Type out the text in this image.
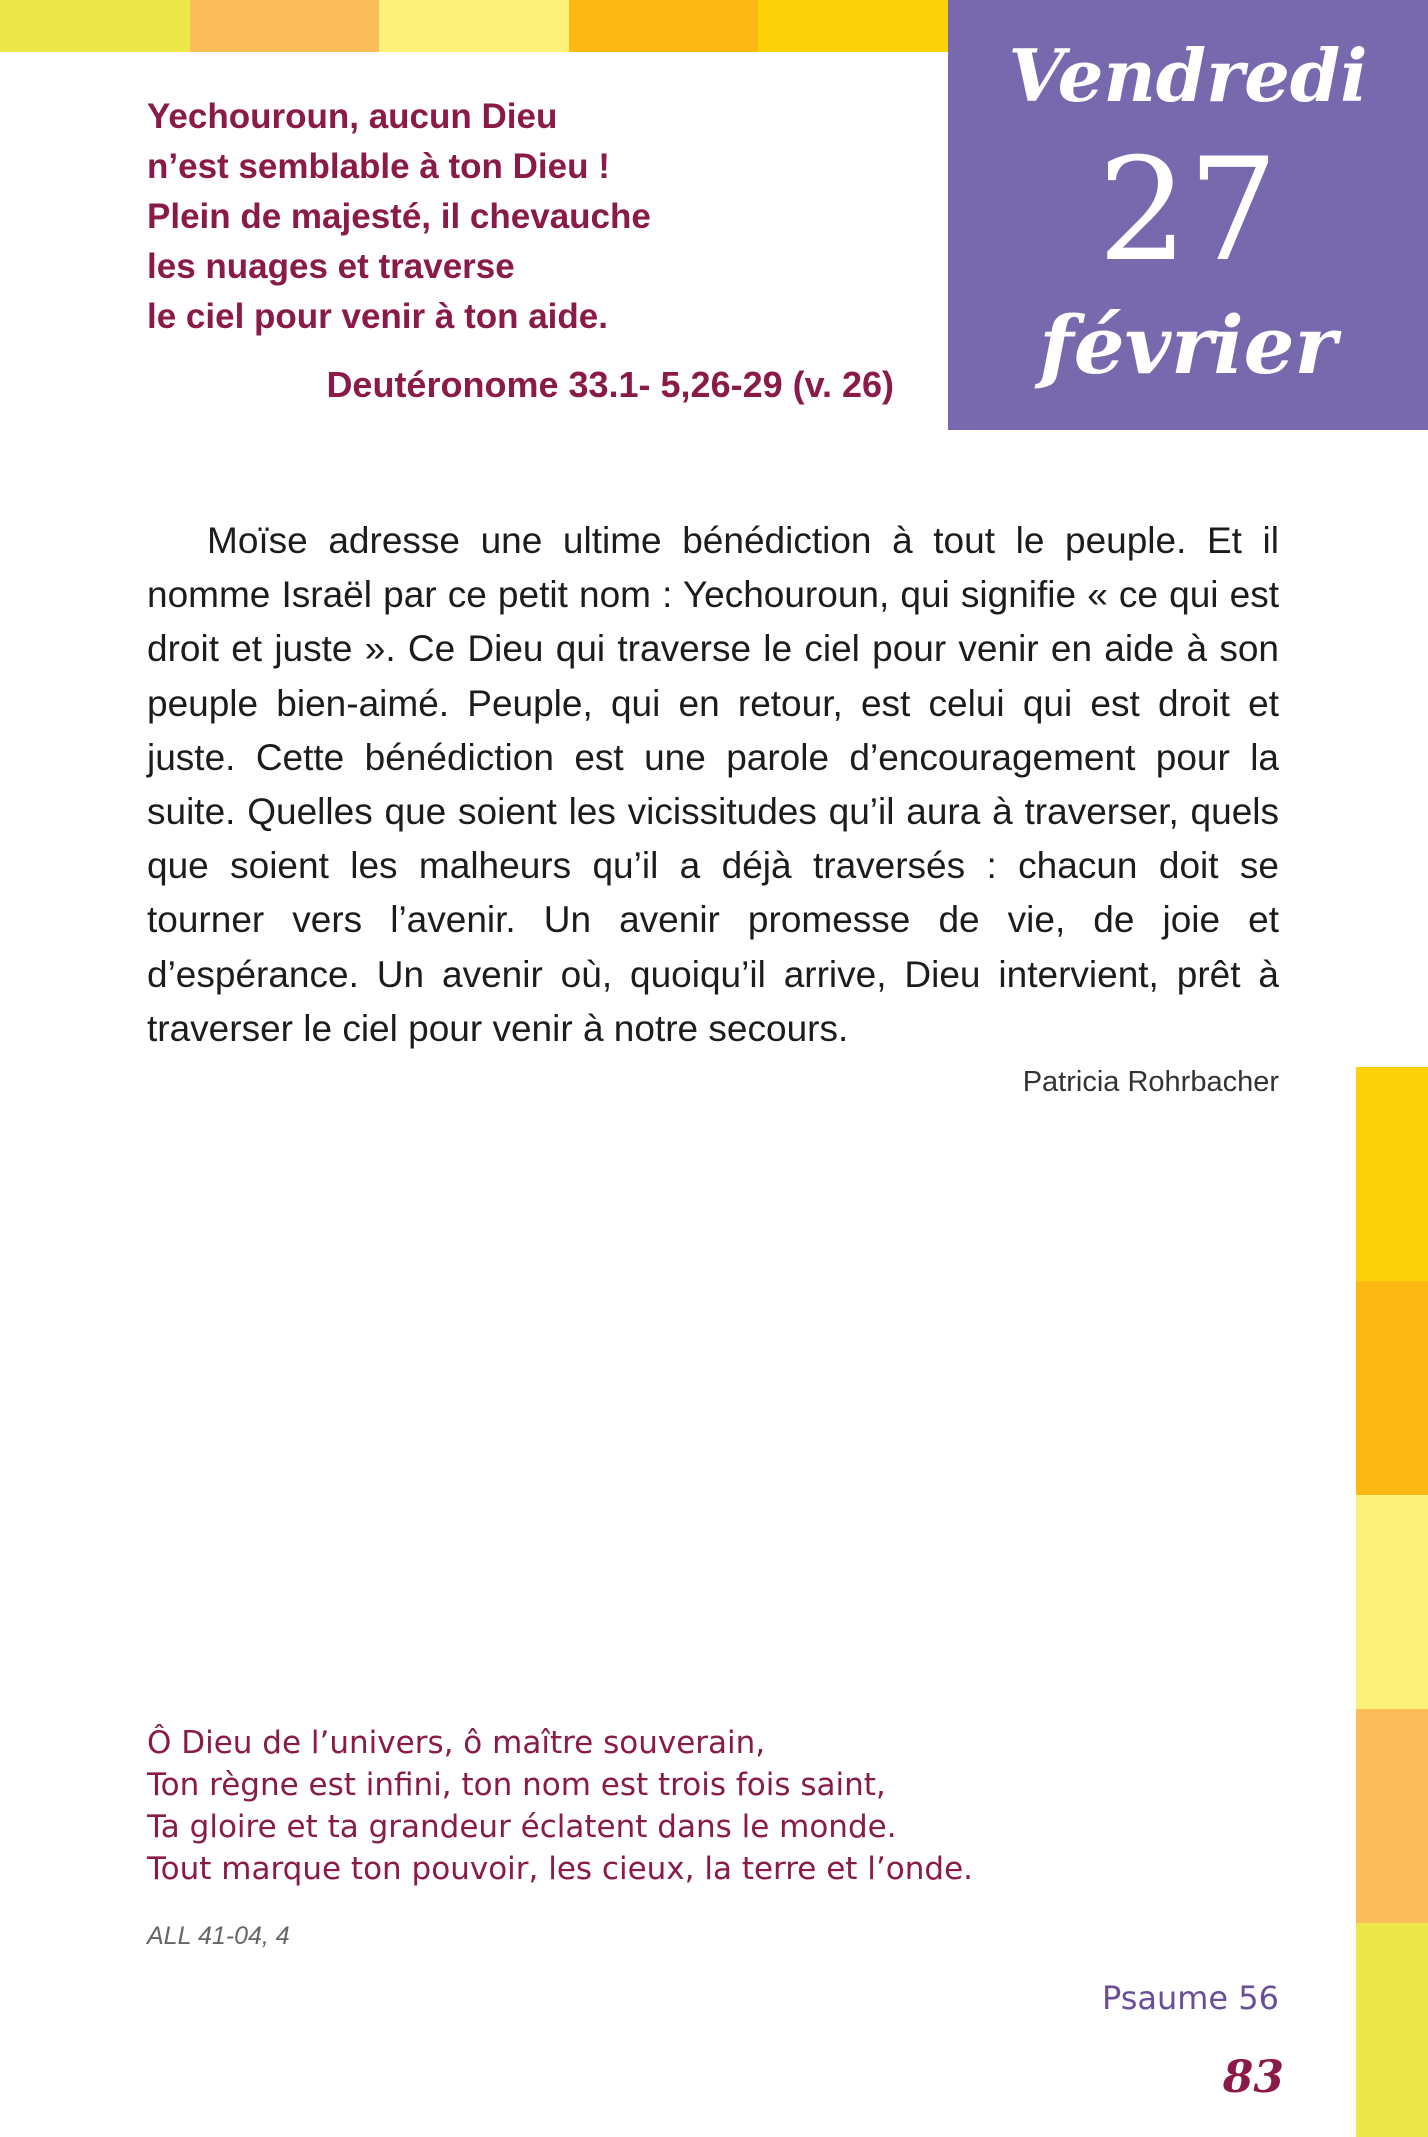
Vendredi
27
février
Yechouroun, aucun Dieu
n’est semblable à ton Dieu !
Plein de majesté, il chevauche
les nuages et traverse
le ciel pour venir à ton aide.
Deutéronome 33.1- 5,26-29 (v. 26)

Moïse adresse une ultime bénédiction à tout le peuple. Et il nomme Israël par ce petit nom : Yechouroun, qui signifie « ce qui est droit et juste ». Ce Dieu qui traverse le ciel pour venir en aide à son peuple bien-aimé. Peuple, qui en retour, est celui qui est droit et juste. Cette bénédiction est une parole d’encouragement pour la suite. Quelles que soient les vicissitudes qu’il aura à traverser, quels que soient les malheurs qu’il a déjà traversés : chacun doit se tourner vers l’avenir. Un avenir promesse de vie, de joie et d’espérance. Un avenir où, quoiqu’il arrive, Dieu intervient, prêt à traverser le ciel pour venir à notre secours.

Patricia Rohrbacher
Ô Dieu de l’univers, ô maître souverain,
Ton règne est infini, ton nom est trois fois saint,
Ta gloire et ta grandeur éclatent dans le monde.
Tout marque ton pouvoir, les cieux, la terre et l’onde.
ALL 41-04, 4
Psaume 56
83
